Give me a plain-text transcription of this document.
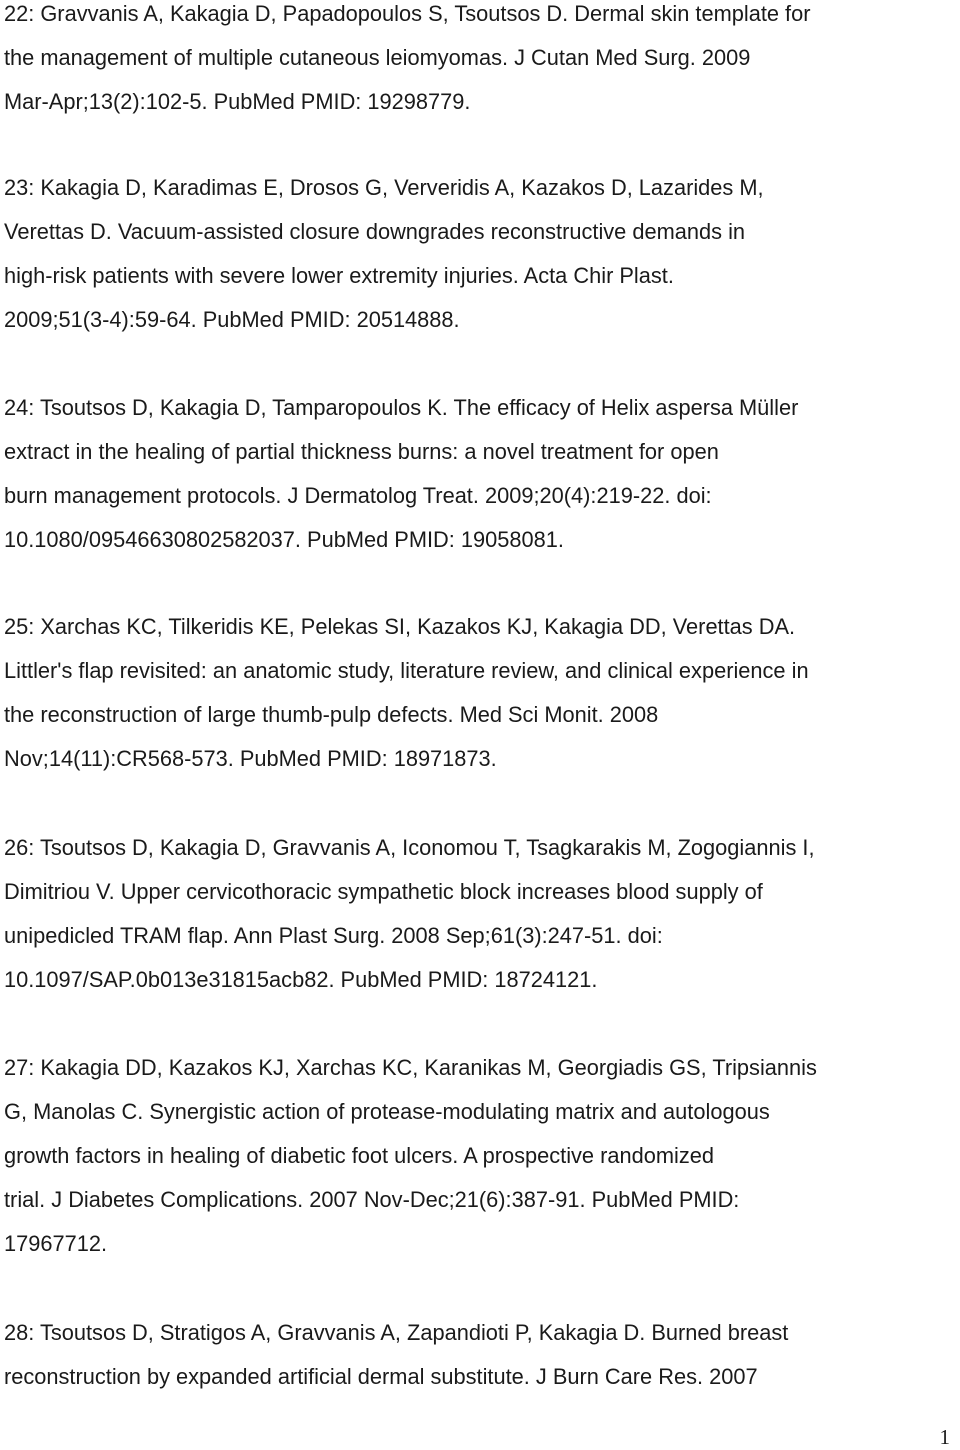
22: Gravvanis A, Kakagia D, Papadopoulos S, Tsoutsos D. Dermal skin template for
the management of multiple cutaneous leiomyomas. J Cutan Med Surg. 2009
Mar-Apr;13(2):102-5. PubMed PMID: 19298779.
23: Kakagia D, Karadimas E, Drosos G, Ververidis A, Kazakos D, Lazarides M,
Verettas D. Vacuum-assisted closure downgrades reconstructive demands in
high-risk patients with severe lower extremity injuries. Acta Chir Plast.
2009;51(3-4):59-64. PubMed PMID: 20514888.
24: Tsoutsos D, Kakagia D, Tamparopoulos K. The efficacy of Helix aspersa Müller
extract in the healing of partial thickness burns: a novel treatment for open
burn management protocols. J Dermatolog Treat. 2009;20(4):219-22. doi:
10.1080/09546630802582037. PubMed PMID: 19058081.
25: Xarchas KC, Tilkeridis KE, Pelekas SI, Kazakos KJ, Kakagia DD, Verettas DA.
Littler's flap revisited: an anatomic study, literature review, and clinical experience in
the reconstruction of large thumb-pulp defects. Med Sci Monit. 2008
Nov;14(11):CR568-573. PubMed PMID: 18971873.
26: Tsoutsos D, Kakagia D, Gravvanis A, Iconomou T, Tsagkarakis M, Zogogiannis I,
Dimitriou V. Upper cervicothoracic sympathetic block increases blood supply of
unipedicled TRAM flap. Ann Plast Surg. 2008 Sep;61(3):247-51. doi:
10.1097/SAP.0b013e31815acb82. PubMed PMID: 18724121.
27: Kakagia DD, Kazakos KJ, Xarchas KC, Karanikas M, Georgiadis GS, Tripsiannis
G, Manolas C. Synergistic action of protease-modulating matrix and autologous
growth factors in healing of diabetic foot ulcers. A prospective randomized
trial. J Diabetes Complications. 2007 Nov-Dec;21(6):387-91. PubMed PMID:
17967712.
28: Tsoutsos D, Stratigos A, Gravvanis A, Zapandioti P, Kakagia D. Burned breast
reconstruction by expanded artificial dermal substitute. J Burn Care Res. 2007
1
